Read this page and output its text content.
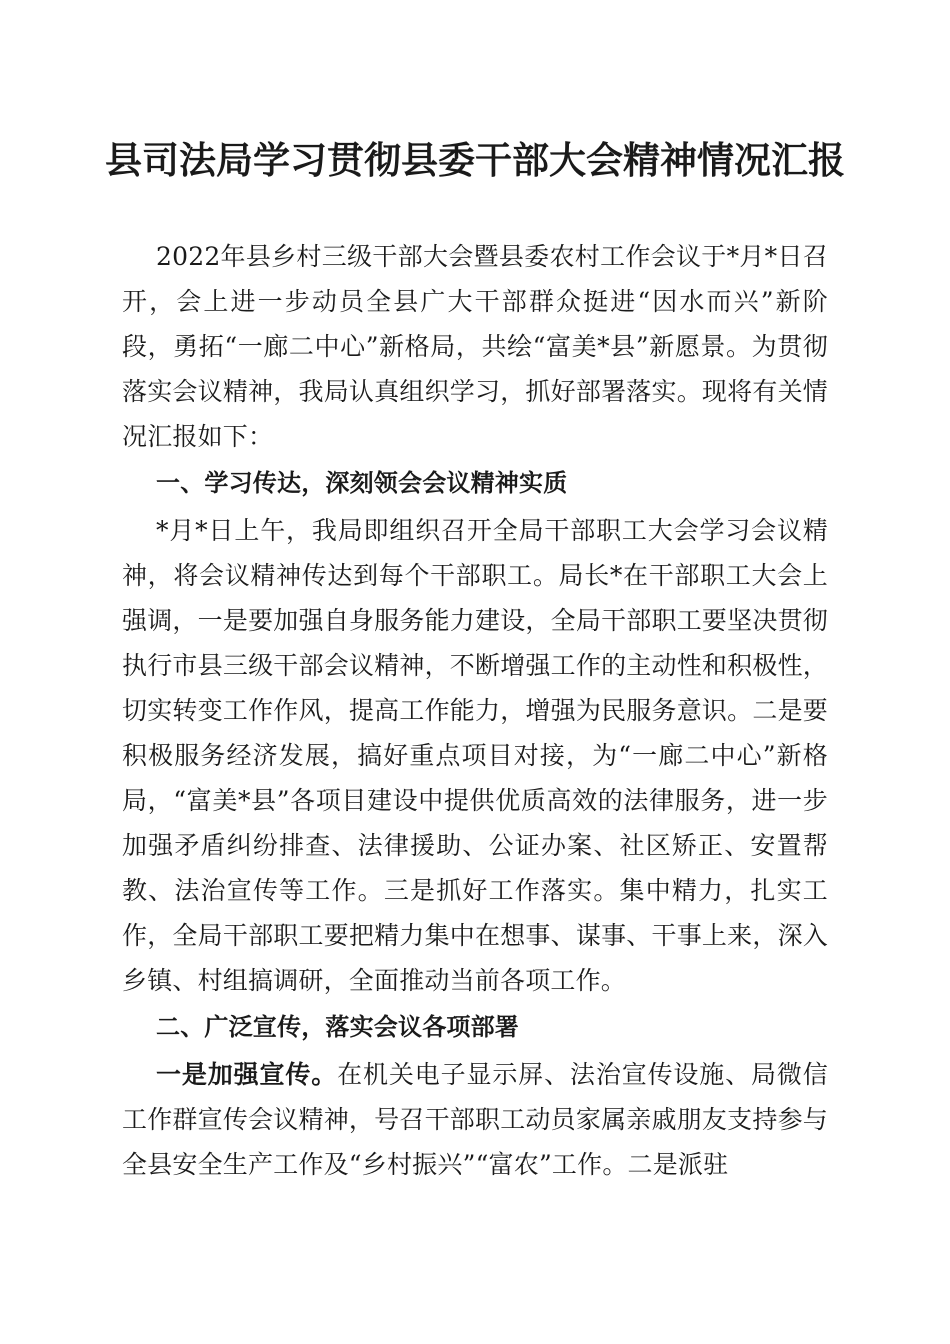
县司法局学习贯彻县委干部大会精神情况汇报

2022年县乡村三级干部大会暨县委农村工作会议于*月*日召开，会上进一步动员全县广大干部群众挺进“因水而兴”新阶段，勇拓“一廊二中心”新格局，共绘“富美*县”新愿景。为贯彻落实会议精神，我局认真组织学习，抓好部署落实。现将有关情况汇报如下：

一、学习传达，深刻领会会议精神实质

*月*日上午，我局即组织召开全局干部职工大会学习会议精神，将会议精神传达到每个干部职工。局长*在干部职工大会上强调，一是要加强自身服务能力建设，全局干部职工要坚决贯彻执行市县三级干部会议精神，不断增强工作的主动性和积极性，切实转变工作作风，提高工作能力，增强为民服务意识。二是要积极服务经济发展，搞好重点项目对接，为“一廊二中心”新格局，“富美*县”各项目建设中提供优质高效的法律服务，进一步加强矛盾纠纷排查、法律援助、公证办案、社区矫正、安置帮教、法治宣传等工作。三是抓好工作落实。集中精力，扎实工作，全局干部职工要把精力集中在想事、谋事、干事上来，深入乡镇、村组搞调研，全面推动当前各项工作。

二、广泛宣传，落实会议各项部署

一是加强宣传。在机关电子显示屏、法治宣传设施、局微信工作群宣传会议精神，号召干部职工动员家属亲戚朋友支持参与全县安全生产工作及“乡村振兴”“富农”工作。二是派驻
